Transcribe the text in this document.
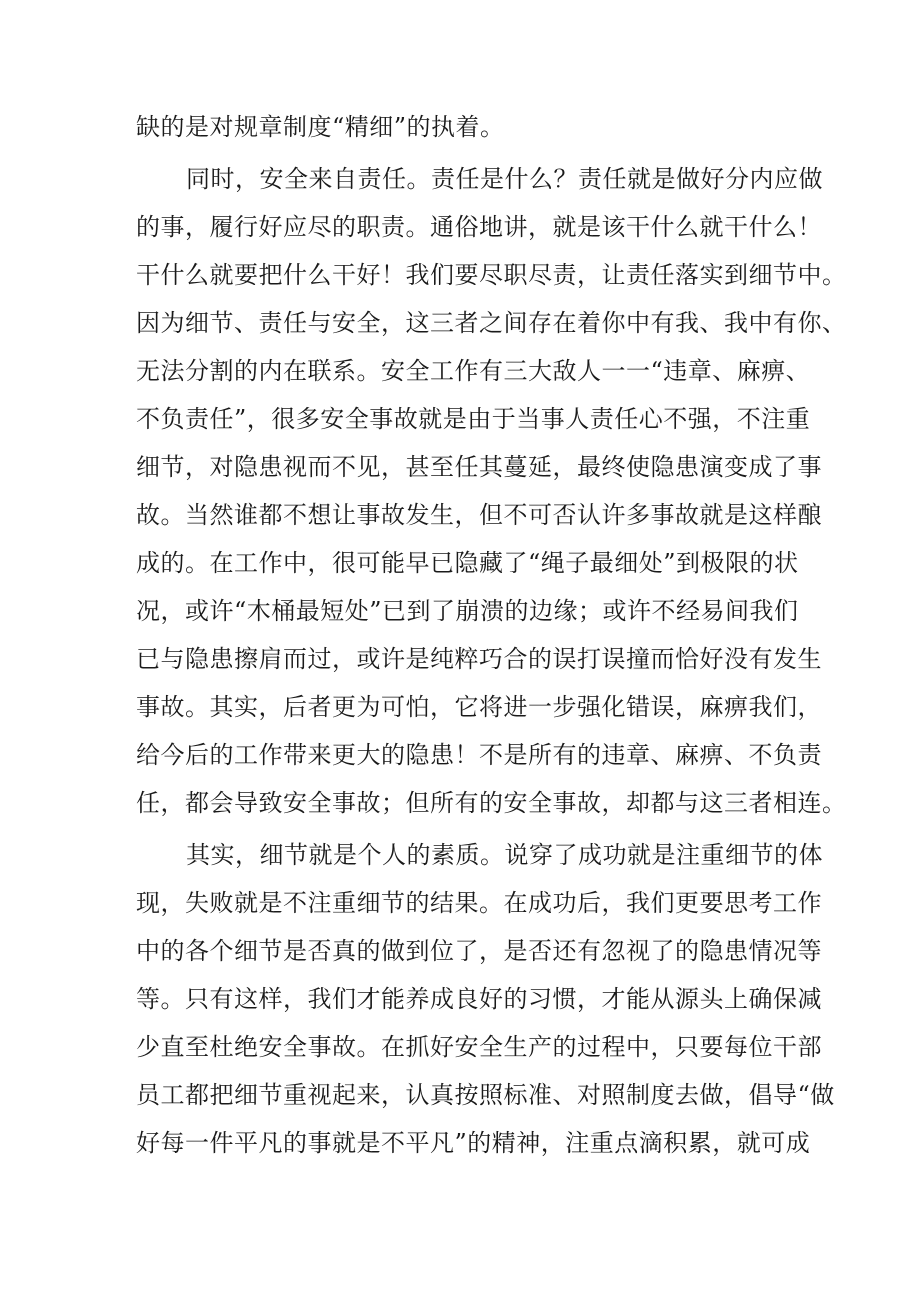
缺的是对规章制度“精细”的执着。
同时，安全来自责任。责任是什么？责任就是做好分内应做
的事，履行好应尽的职责。通俗地讲，就是该干什么就干什么！
干什么就要把什么干好！我们要尽职尽责，让责任落实到细节中。
因为细节、责任与安全，这三者之间存在着你中有我、我中有你、
无法分割的内在联系。安全工作有三大敌人一一“违章、麻痹、
不负责任”，很多安全事故就是由于当事人责任心不强，不注重
细节，对隐患视而不见，甚至任其蔓延，最终使隐患演变成了事
故。当然谁都不想让事故发生，但不可否认许多事故就是这样酿
成的。在工作中，很可能早已隐藏了“绳子最细处”到极限的状
况，或许“木桶最短处”已到了崩溃的边缘；或许不经易间我们
已与隐患擦肩而过，或许是纯粹巧合的误打误撞而恰好没有发生
事故。其实，后者更为可怕，它将进一步强化错误，麻痹我们，
给今后的工作带来更大的隐患！不是所有的违章、麻痹、不负责
任，都会导致安全事故；但所有的安全事故，却都与这三者相连。
其实，细节就是个人的素质。说穿了成功就是注重细节的体
现，失败就是不注重细节的结果。在成功后，我们更要思考工作
中的各个细节是否真的做到位了，是否还有忽视了的隐患情况等
等。只有这样，我们才能养成良好的习惯，才能从源头上确保减
少直至杜绝安全事故。在抓好安全生产的过程中，只要每位干部
员工都把细节重视起来，认真按照标准、对照制度去做，倡导“做
好每一件平凡的事就是不平凡”的精神，注重点滴积累，就可成
